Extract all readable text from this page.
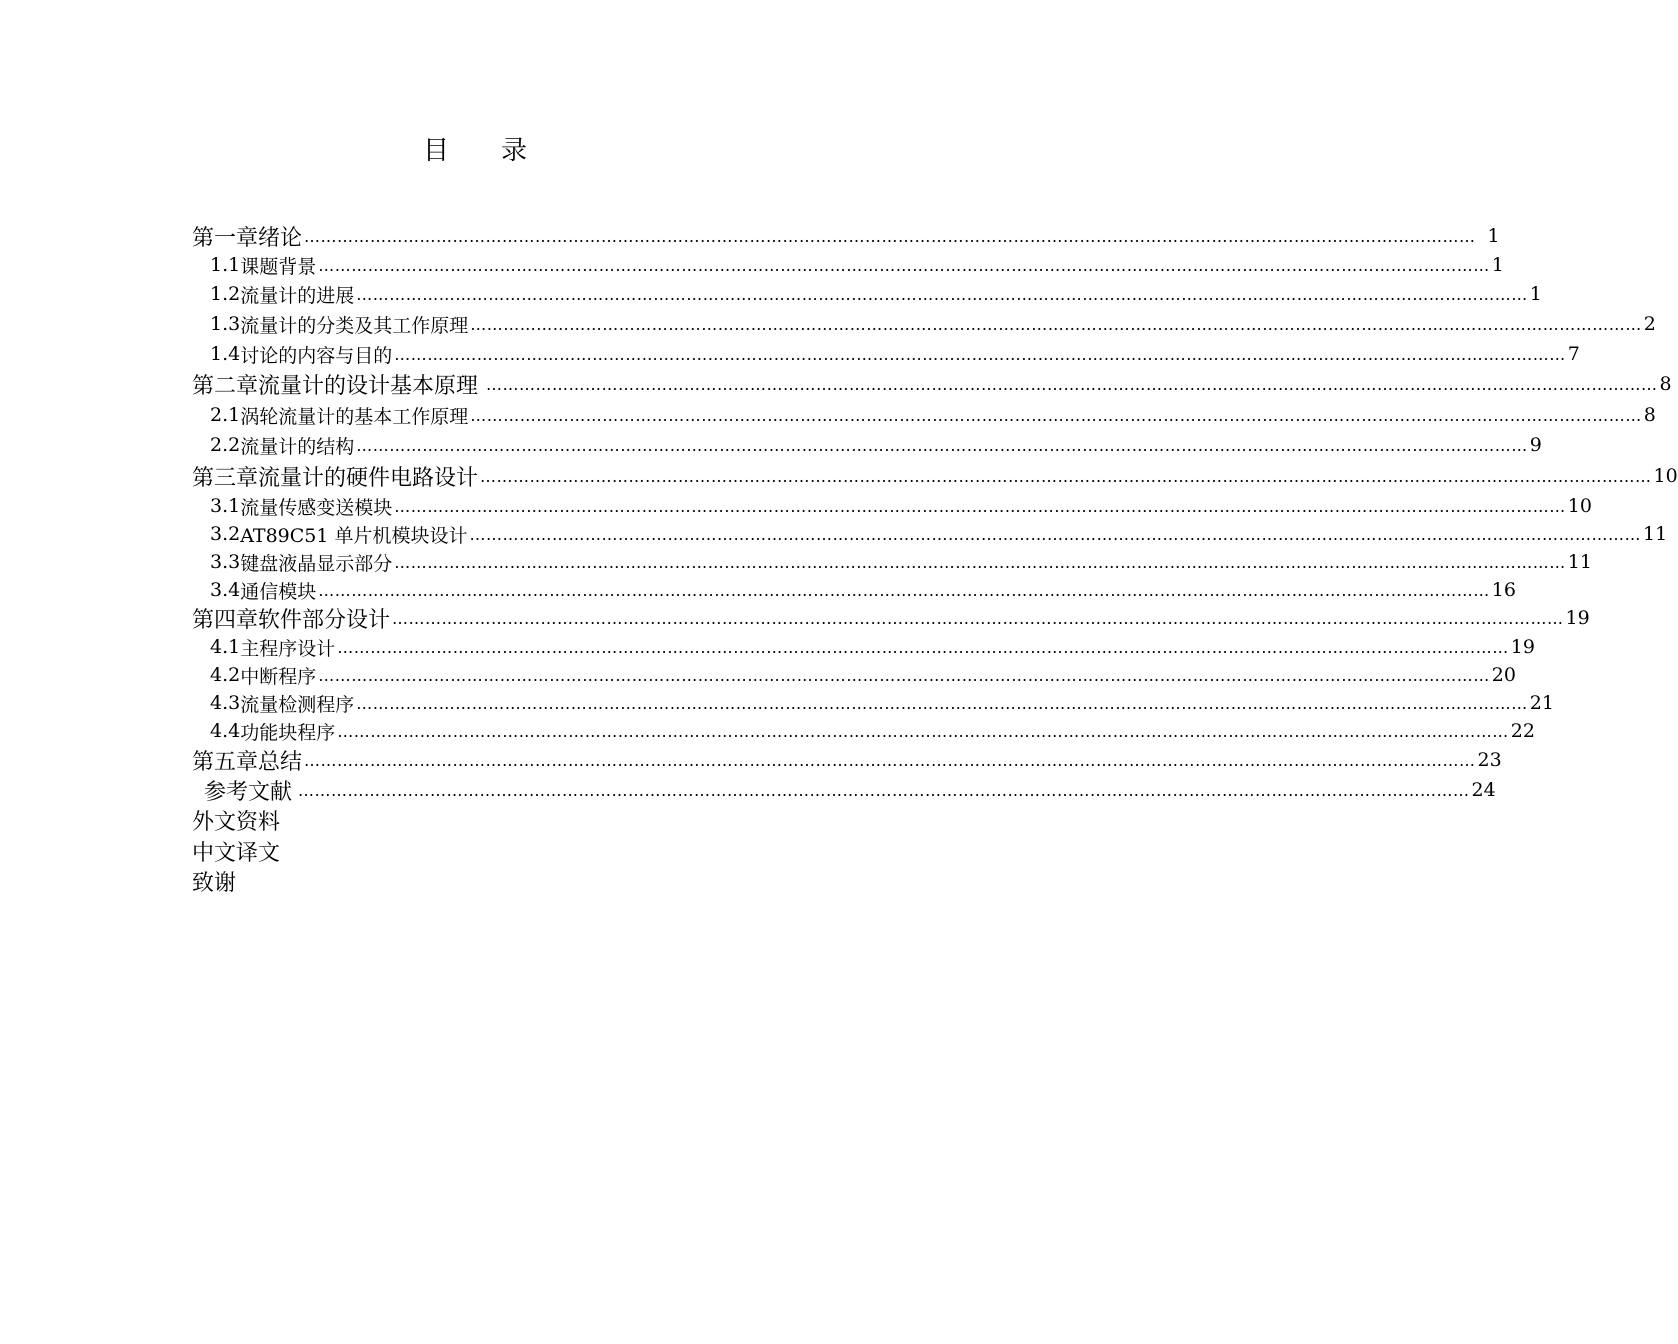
目 录
第一章 绪论 …………………………………………………………………………………………………………………………………………………………………………………………… 1
1.1 课题背景 …………………………………………………………………………………………………………………………………………………………………………………………… 1
1.2 流量计的进展 …………………………………………………………………………………………………………………………………………………………………………………………… 1
1.3 流量计的分类及其工作原理 …………………………………………………………………………………………………………………………………………………………………………………………… 2
1.4 讨论的内容与目的 …………………………………………………………………………………………………………………………………………………………………………………………… 7
第二章 流量计的设计基本原理 …………………………………………………………………………………………………………………………………………………………………………………………… 8
2.1 涡轮流量计的基本工作原理 …………………………………………………………………………………………………………………………………………………………………………………………… 8
2.2 流量计的结构 …………………………………………………………………………………………………………………………………………………………………………………………… 9
第三章 流量计的硬件电路设计 …………………………………………………………………………………………………………………………………………………………………………………………… 10
3.1 流量传感变送模块 …………………………………………………………………………………………………………………………………………………………………………………………… 10
3.2 AT89C51 单片机模块设计 …………………………………………………………………………………………………………………………………………………………………………………………… 11
3.3 键盘液晶显示部分 …………………………………………………………………………………………………………………………………………………………………………………………… 11
3.4 通信模块 …………………………………………………………………………………………………………………………………………………………………………………………… 16
第四章 软件部分设计 …………………………………………………………………………………………………………………………………………………………………………………………… 19
4.1 主程序设计 …………………………………………………………………………………………………………………………………………………………………………………………… 19
4.2 中断程序 …………………………………………………………………………………………………………………………………………………………………………………………… 20
4.3 流量检测程序 …………………………………………………………………………………………………………………………………………………………………………………………… 21
4.4 功能块程序 …………………………………………………………………………………………………………………………………………………………………………………………… 22
第五章 总结 …………………………………………………………………………………………………………………………………………………………………………………………… 23
参考文献 …………………………………………………………………………………………………………………………………………………………………………………………… 24
外文资料
中文译文
致谢
